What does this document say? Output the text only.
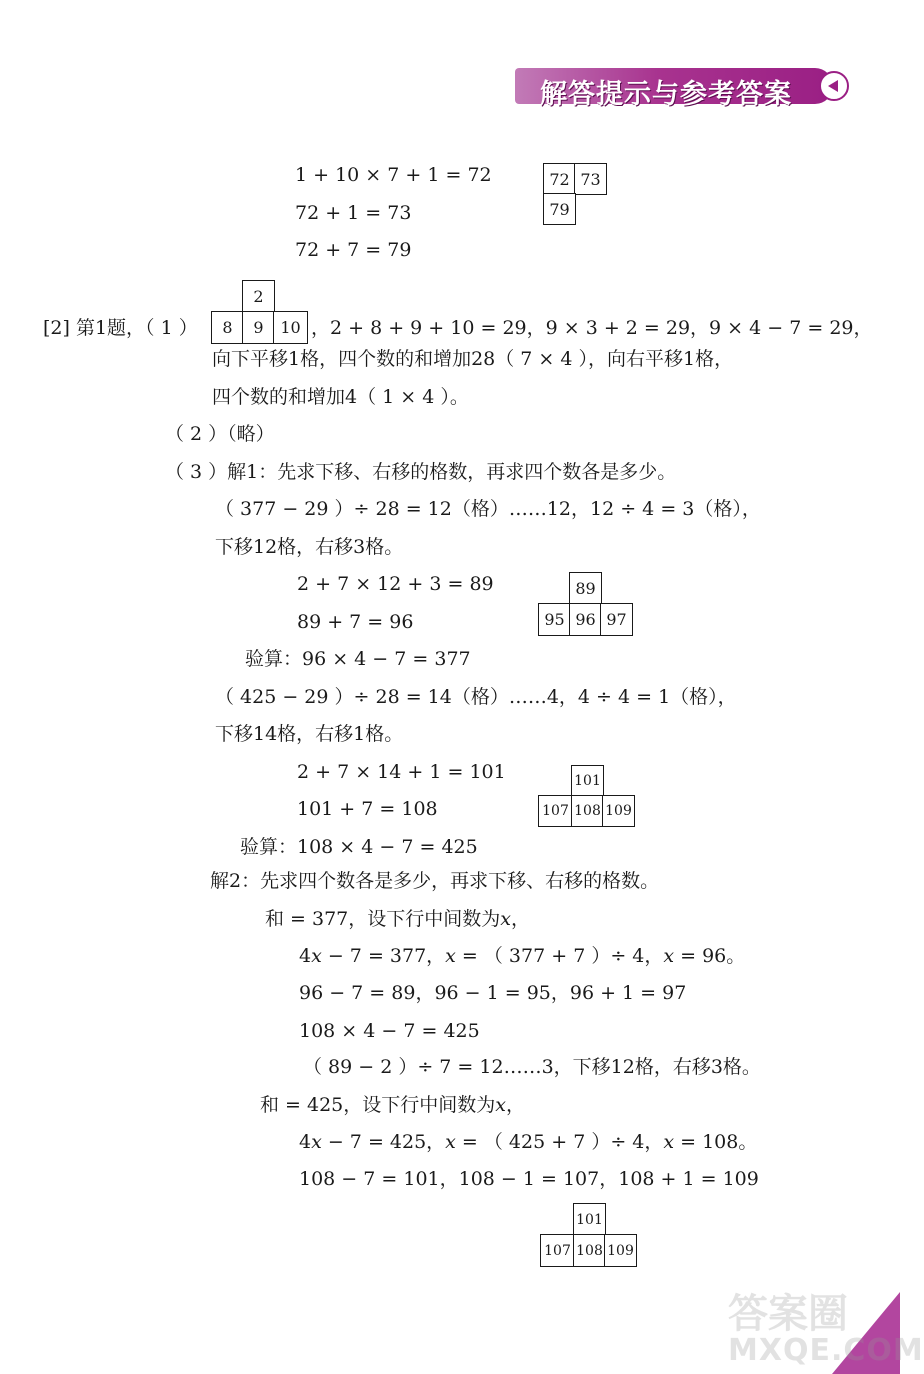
解答提示与参考答案
1 + 10 × 7 + 1 = 72
72 + 1 = 73
72 + 7 = 79
72 73
79
[2] 第1题，（ 1 ）
2
8	9	10 ，2 + 8 + 9 + 10 = 29，9 × 3 + 2 = 29，9 × 4 − 7 = 29，
向下平移1格，四个数的和增加28（ 7 × 4 ），向右平移1格，
四个数的和增加4（ 1 × 4 ）。
（ 2 ）（略）
（ 3 ）解1：先求下移、右移的格数，再求四个数各是多少。
（ 377 − 29 ）÷ 28 = 12（格）……12，12 ÷ 4 = 3（格），
下移12格，右移3格。
2 + 7 × 12 + 3 = 89
89 + 7 = 96
89
95 96 97
验算：96 × 4 − 7 = 377
（ 425 − 29 ）÷ 28 = 14（格）……4，4 ÷ 4 = 1（格），
下移14格，右移1格。
2 + 7 × 14 + 1 = 101
101 + 7 = 108
101
107 108 109
验算：108 × 4 − 7 = 425
解2：先求四个数各是多少，再求下移、右移的格数。
和 = 377，设下行中间数为x，
4x − 7 = 377，x = （ 377 + 7 ）÷ 4，x = 96。
96 − 7 = 89，96 − 1 = 95，96 + 1 = 97
108 × 4 − 7 = 425
（ 89 − 2 ）÷ 7 = 12……3，下移12格，右移3格。
和 = 425，设下行中间数为x，
4x − 7 = 425，x = （ 425 + 7 ）÷ 4，x = 108。
108 − 7 = 101，108 − 1 = 107，108 + 1 = 109
101
107 108 109
答案圈
MXQE.COM
